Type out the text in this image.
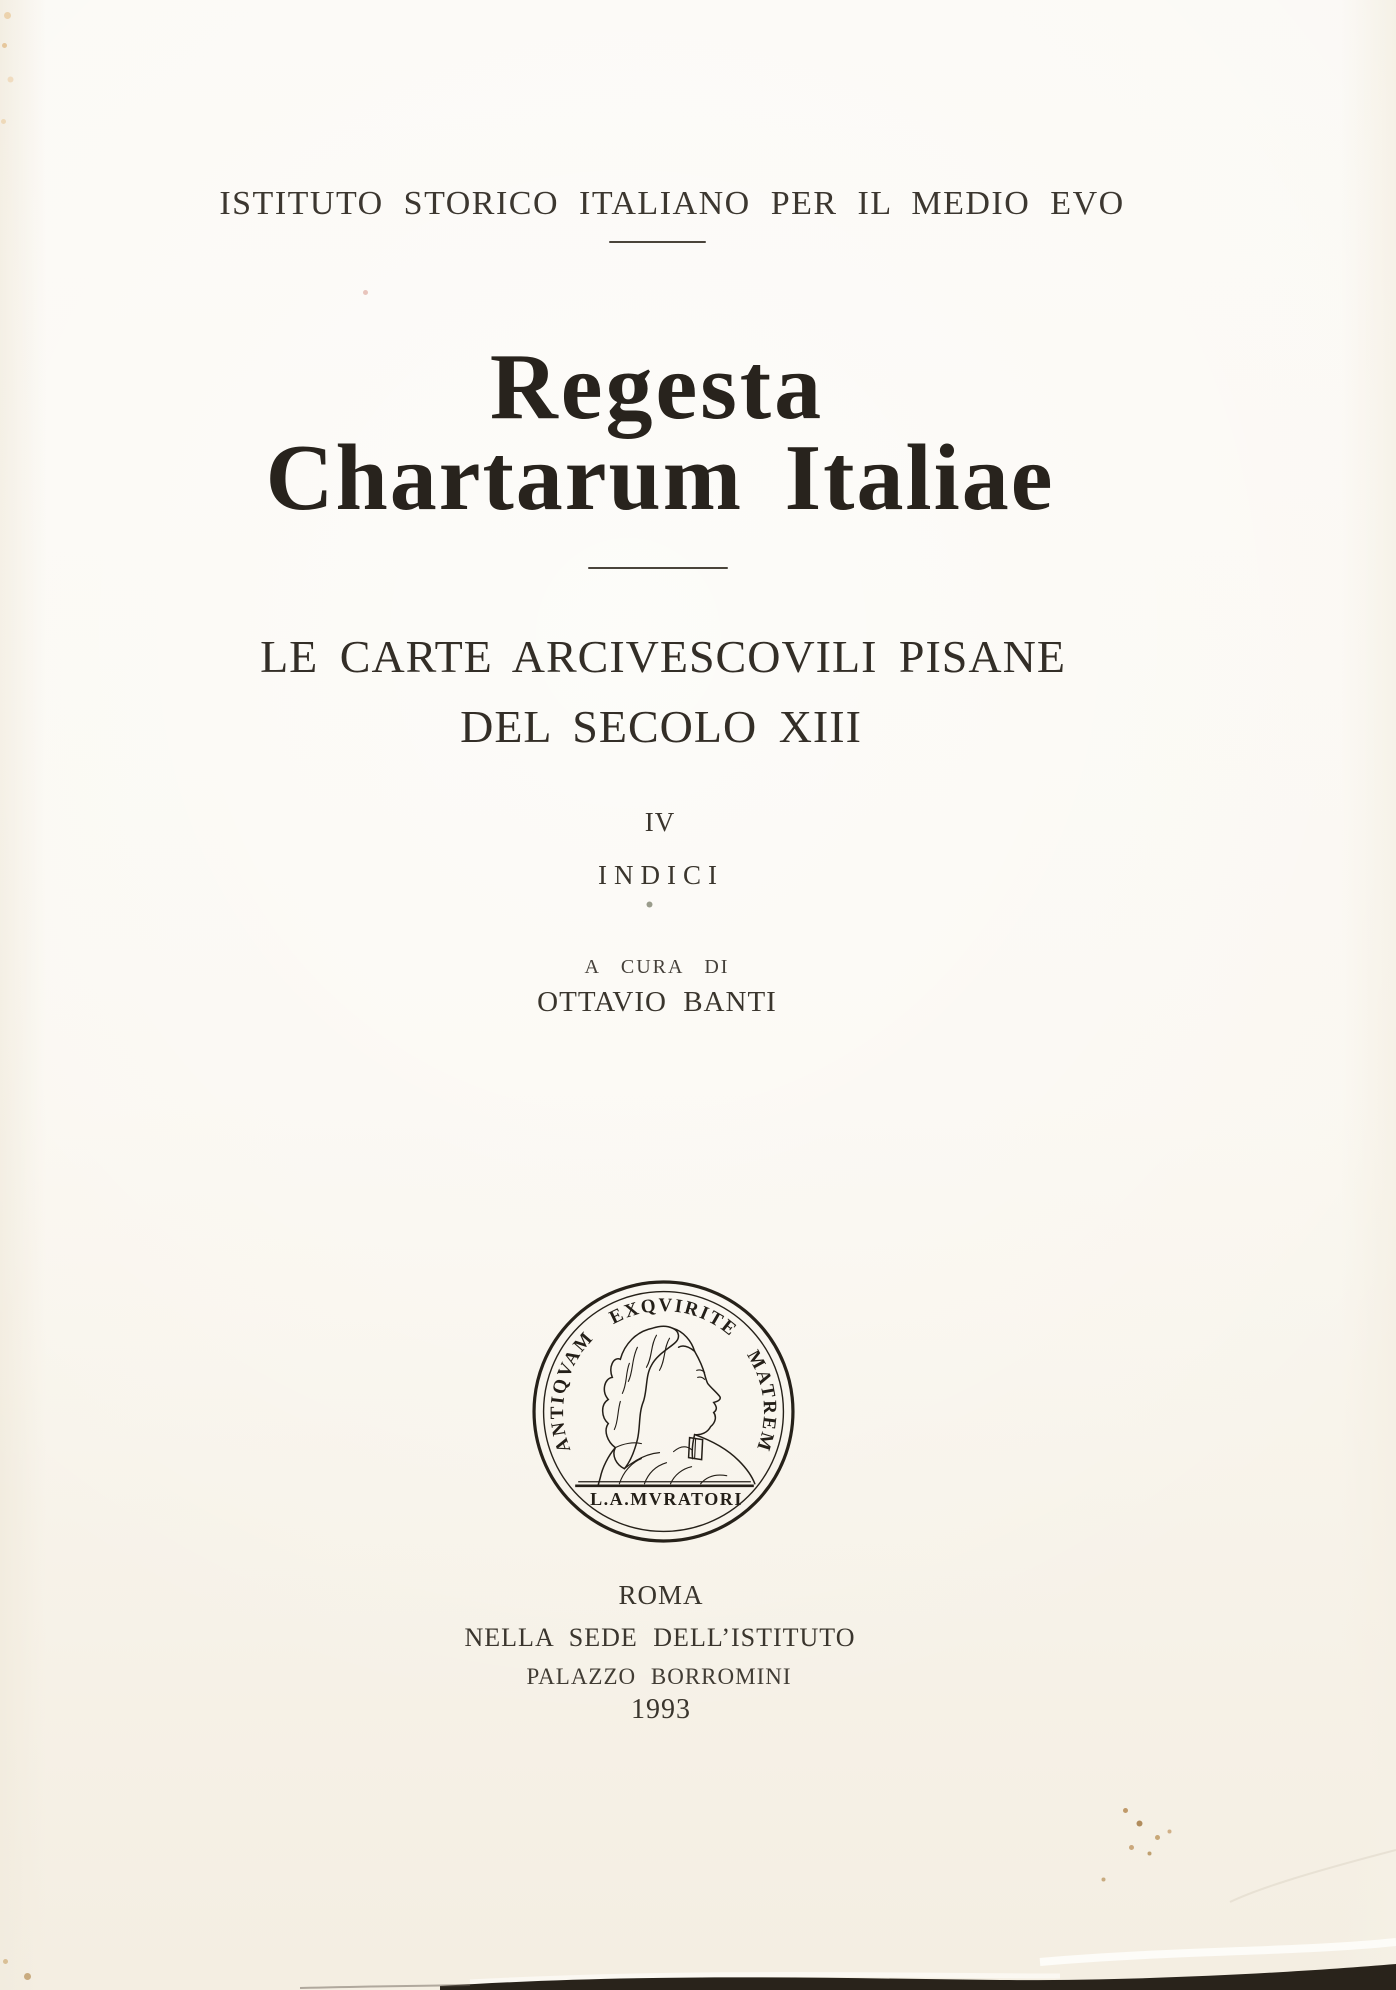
ISTITUTO STORICO ITALIANO PER IL MEDIO EVO
Regesta
Chartarum Italiae
LE CARTE ARCIVESCOVILI PISANE
DEL SECOLO XIII
IV
INDICI
A CURA DI
OTTAVIO BANTI
ANTIQVAM EXQVIRITE MATREM
L.A.MVRATORI
ROMA
NELLA SEDE DELL’ISTITUTO
PALAZZO BORROMINI
1993
